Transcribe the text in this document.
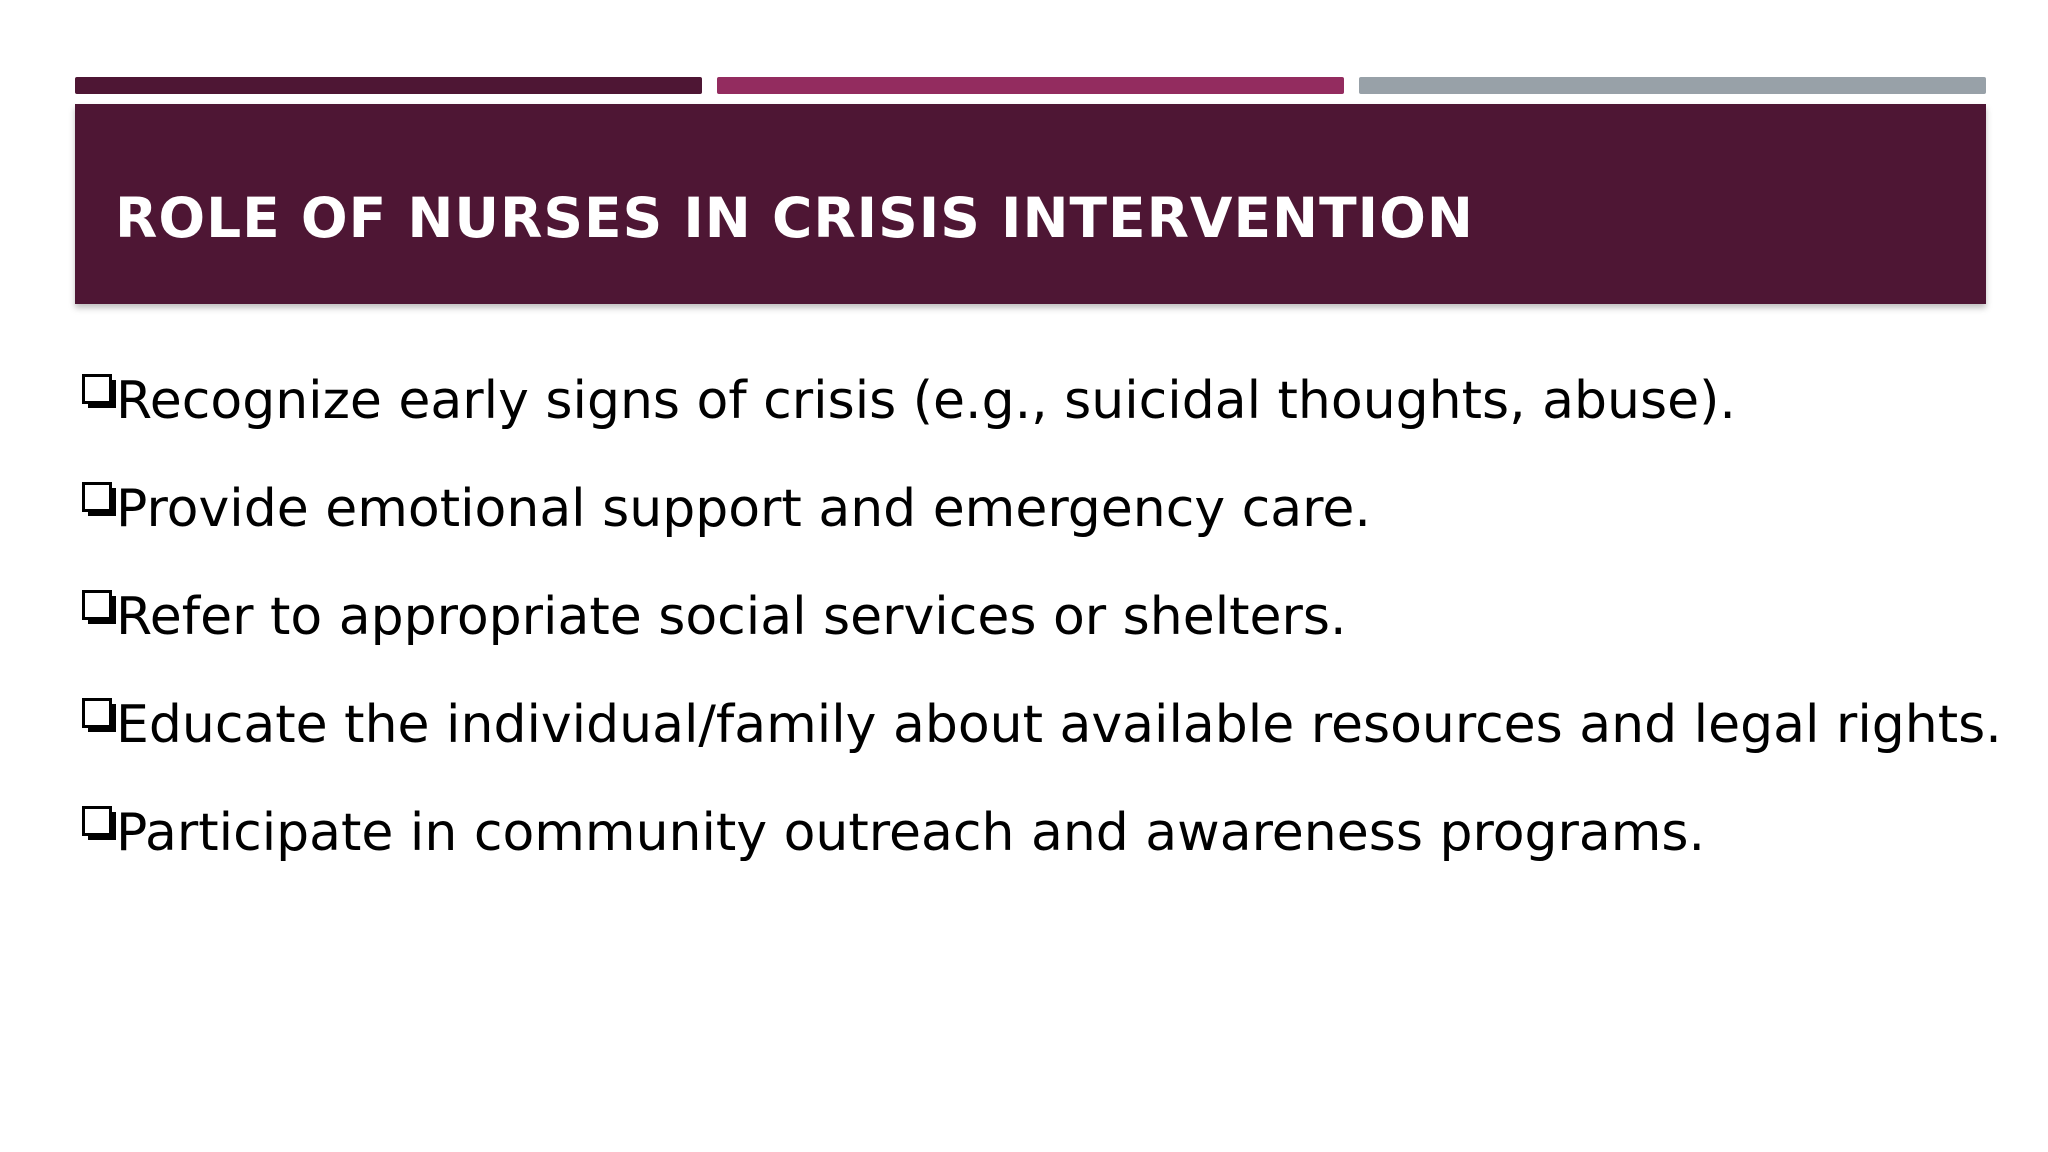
ROLE OF NURSES IN CRISIS INTERVENTION
Recognize early signs of crisis (e.g., suicidal thoughts, abuse).
Provide emotional support and emergency care.
Refer to appropriate social services or shelters.
Educate the individual/family about available resources and legal rights.
Participate in community outreach and awareness programs.
